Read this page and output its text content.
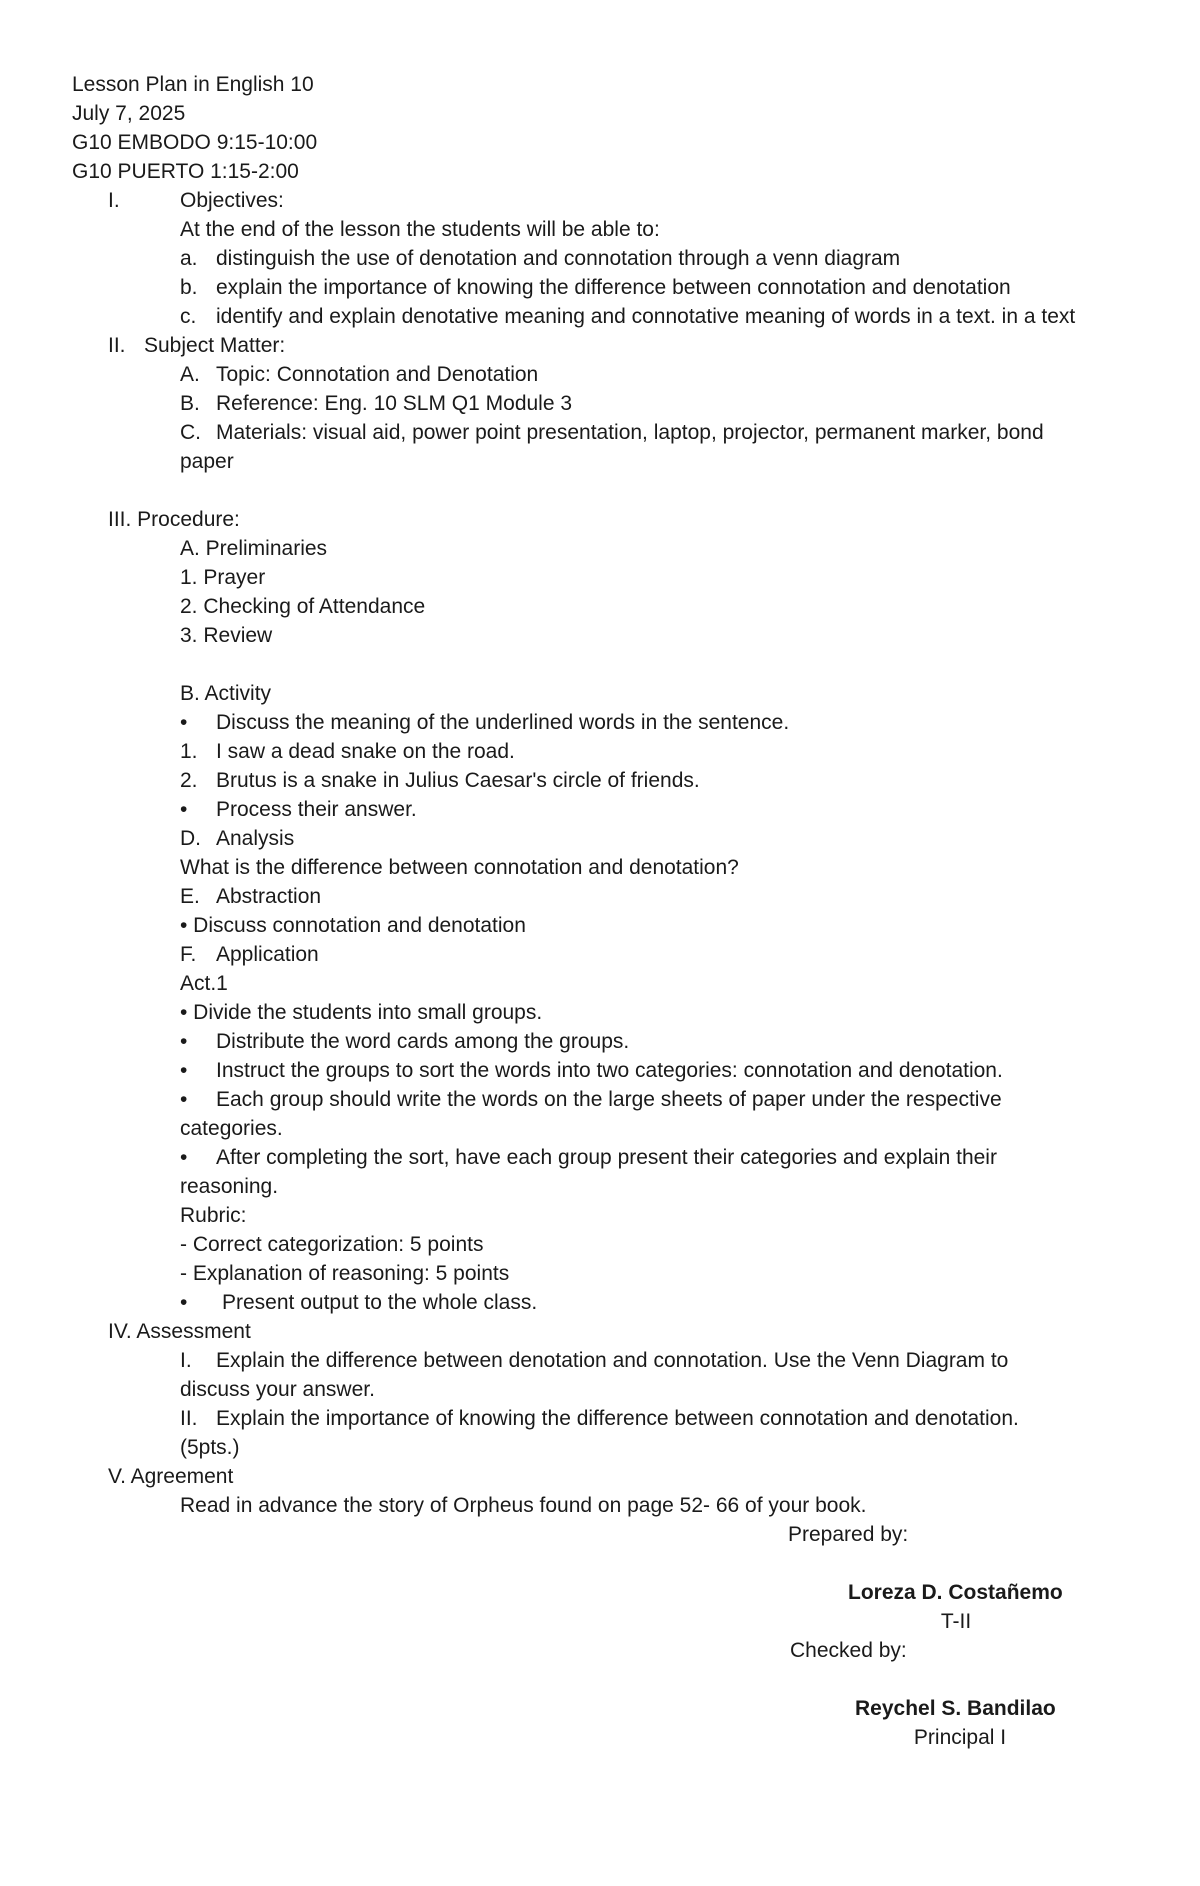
Lesson Plan in English 10
July 7, 2025
G10 EMBODO 9:15-10:00
G10 PUERTO 1:15-2:00
I.	Objectives:
At the end of the lesson the students will be able to:
a. distinguish the use of denotation and connotation through a venn diagram
b. explain the importance of knowing the difference between connotation and denotation
c. identify and explain denotative meaning and connotative meaning of words in a text. in a text
II. Subject Matter:
A. Topic: Connotation and Denotation
B. Reference: Eng. 10 SLM Q1 Module 3
C. Materials: visual aid, power point presentation, laptop, projector, permanent marker, bond
paper
III. Procedure:
A. Preliminaries
1. Prayer
2. Checking of Attendance
3. Review
B. Activity
• Discuss the meaning of the underlined words in the sentence.
1. I saw a dead snake on the road.
2. Brutus is a snake in Julius Caesar's circle of friends.
• Process their answer.
D. Analysis
What is the difference between connotation and denotation?
E. Abstraction
• Discuss connotation and denotation
F. Application
Act.1
• Divide the students into small groups.
• Distribute the word cards among the groups.
• Instruct the groups to sort the words into two categories: connotation and denotation.
• Each group should write the words on the large sheets of paper under the respective
categories.
• After completing the sort, have each group present their categories and explain their
reasoning.
Rubric:
- Correct categorization: 5 points
- Explanation of reasoning: 5 points
• Present output to the whole class.
IV. Assessment
I. Explain the difference between denotation and connotation. Use the Venn Diagram to
discuss your answer.
II. Explain the importance of knowing the difference between connotation and denotation.
(5pts.)
V. Agreement
Read in advance the story of Orpheus found on page 52- 66 of your book.
Prepared by:
Loreza D. Costañemo
T-II
Checked by:
Reychel S. Bandilao
Principal I
